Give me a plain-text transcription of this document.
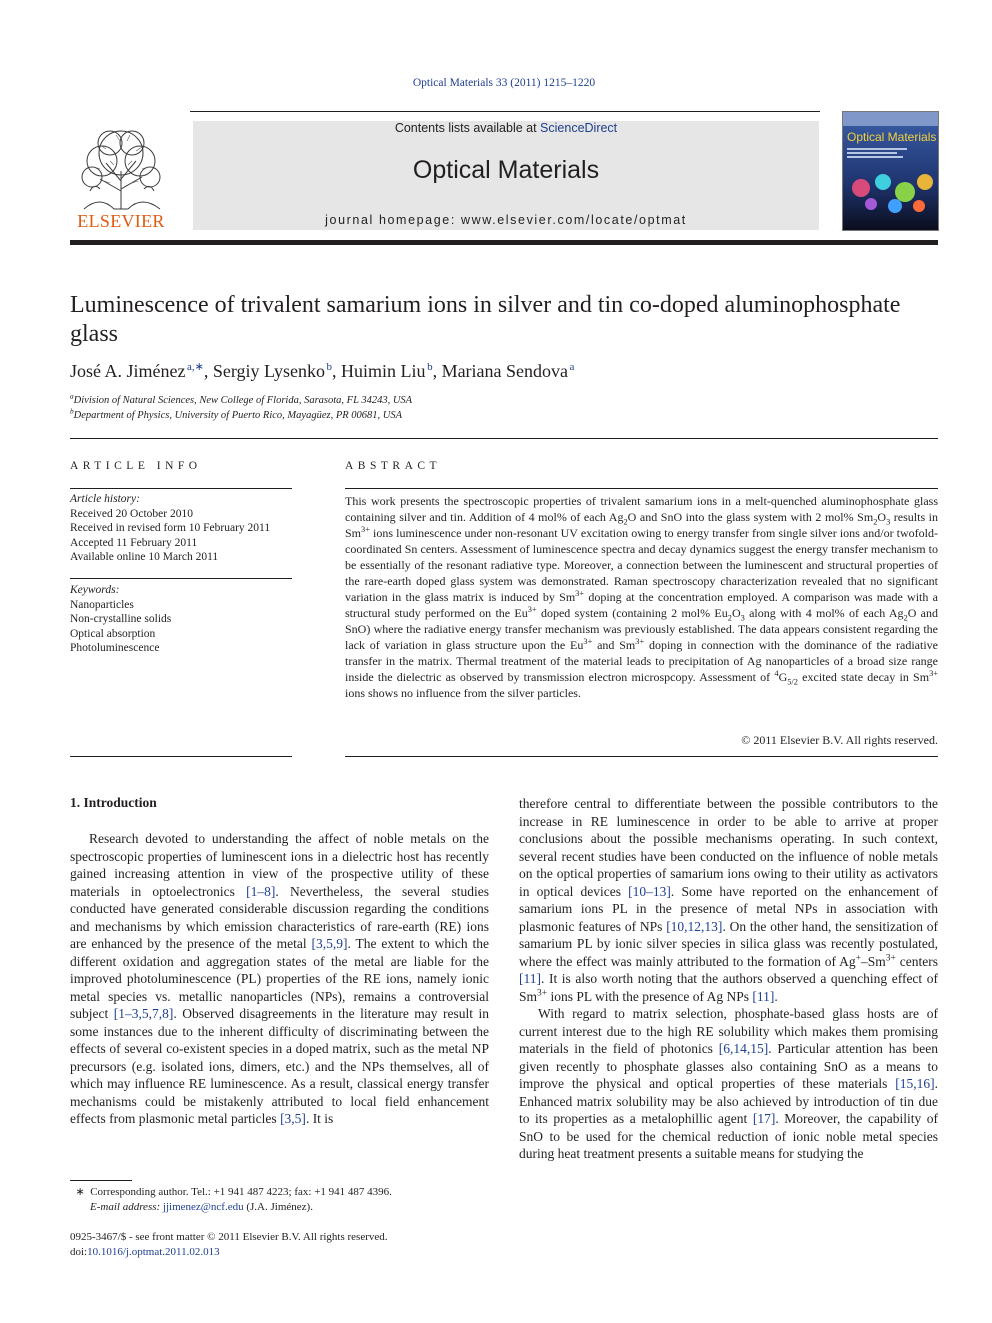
Optical Materials 33 (2011) 1215–1220
ELSEVIER
Contents lists available at ScienceDirect
Optical Materials
journal homepage: www.elsevier.com/locate/optmat
Optical Materials
Luminescence of trivalent samarium ions in silver and tin co-doped aluminophosphate glass
José A. Jiménez  $^{a,∗}$, Sergiy Lysenko  $^b$, Huimin Liu  $^b$, Mariana Sendova  $^a$
$^a$Division of Natural Sciences, New College of Florida, Sarasota, FL 34243, USA
$^b$Department of Physics, University of Puerto Rico, Mayagüez, PR 00681, USA
ARTICLE INFO	ABSTRACT
Article history:
Received 20 October 2010
Received in revised form 10 February 2011
Accepted 11 February 2011
Available online 10 March 2011
Keywords:
Nanoparticles
Non-crystalline solids
Optical absorption
Photoluminescence
This work presents the spectroscopic properties of trivalent samarium ions in a melt-quenched aluminophosphate glass containing silver and tin. Addition of 4 mol% of each $Ag_2O$ and SnO into the glass system with 2 mol% $Sm_2O_3$ results in $Sm^{3+}$ ions luminescence under non-resonant UV excitation owing to energy transfer from single silver ions and/or twofold-coordinated Sn centers. Assessment of luminescence spectra and decay dynamics suggest the energy transfer mechanism to be essentially of the resonant radiative type. Moreover, a connection between the luminescent and structural properties of the rare-earth doped glass system was demonstrated. Raman spectroscopy characterization revealed that no significant variation in the glass matrix is induced by $Sm^{3+}$ doping at the concentration employed. A comparison was made with a structural study performed on the $Eu^{3+}$ doped system (containing 2 mol% $Eu_2O_3$ along with 4 mol% of each $Ag_2O$ and SnO) where the radiative energy transfer mechanism was previously established. The data appears consistent regarding the lack of variation in glass structure upon the $Eu^{3+}$ and $Sm^{3+}$ doping in connection with the dominance of the radiative transfer in the matrix. Thermal treatment of the material leads to precipitation of Ag nanoparticles of a broad size range inside the dielectric as observed by transmission electron microspcopy. Assessment of $^4G_{5/2}$ excited state decay in $Sm^{3+}$ ions shows no influence from the silver particles.
© 2011 Elsevier B.V. All rights reserved.
1. Introduction

Research devoted to understanding the affect of noble metals on the spectroscopic properties of luminescent ions in a dielectric host has recently gained increasing attention in view of the prospective utility of these materials in optoelectronics [1–8]. Nevertheless, the several studies conducted have generated considerable discussion regarding the conditions and mechanisms by which emission characteristics of rare-earth (RE) ions are enhanced by the presence of the metal [3,5,9]. The extent to which the different oxidation and aggregation states of the metal are liable for the improved photoluminescence (PL) properties of the RE ions, namely ionic metal species vs. metallic nanoparticles (NPs), remains a controversial subject [1–3,5,7,8]. Observed disagreements in the literature may result in some instances due to the inherent difficulty of discriminating between the effects of several co-existent species in a doped matrix, such as the metal NP precursors (e.g. isolated ions, dimers, etc.) and the NPs themselves, all of which may influence RE luminescence. As a result, classical energy transfer mechanisms could be mistakenly attributed to local field enhancement effects from plasmonic metal particles [3,5]. It is

therefore central to differentiate between the possible contributors to the increase in RE luminescence in order to be able to arrive at proper conclusions about the possible mechanisms operating. In such context, several recent studies have been conducted on the influence of noble metals on the optical properties of samarium ions owing to their utility as activators in optical devices [10–13]. Some have reported on the enhancement of samarium ions PL in the presence of metal NPs in association with plasmonic features of NPs [10,12,13]. On the other hand, the sensitization of samarium PL by ionic silver species in silica glass was recently postulated, where the effect was mainly attributed to the formation of $Ag^+-Sm^{3+}$ centers [11]. It is also worth noting that the authors observed a quenching effect of $Sm^{3+}$ ions PL with the presence of Ag NPs [11].

With regard to matrix selection, phosphate-based glass hosts are of current interest due to the high RE solubility which makes them promising materials in the field of photonics [6,14,15]. Particular attention has been given recently to phosphate glasses also containing SnO as a means to improve the physical and optical properties of these materials [15,16]. Enhanced matrix solubility may be also achieved by introduction of tin due to its properties as a metalophillic agent [17]. Moreover, the capability of SnO to be used for the chemical reduction of ionic noble metal species during heat treatment presents a suitable means for studying the

∗ Corresponding author. Tel.: +1 941 487 4223; fax: +1 941 487 4396.
E-mail address: jjimenez@ncf.edu (J.A. Jiménez).
0925-3467/$ - see front matter © 2011 Elsevier B.V. All rights reserved.
doi:10.1016/j.optmat.2011.02.013
